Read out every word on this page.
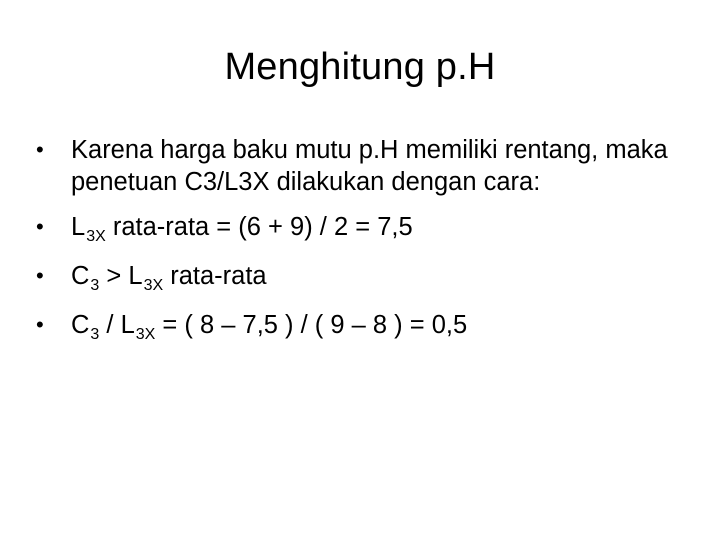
Menghitung p.H
•	Karena harga baku mutu p.H memiliki rentang, maka penetuan C3/L3X dilakukan dengan cara:
•	$L_{3X}$ rata-rata = (6 + 9) / 2 = 7,5
•	$C_3 > L_{3X}$ rata-rata
•	$C_3 / L_{3X}$ = ( 8 – 7,5 ) / ( 9 – 8 ) = 0,5
